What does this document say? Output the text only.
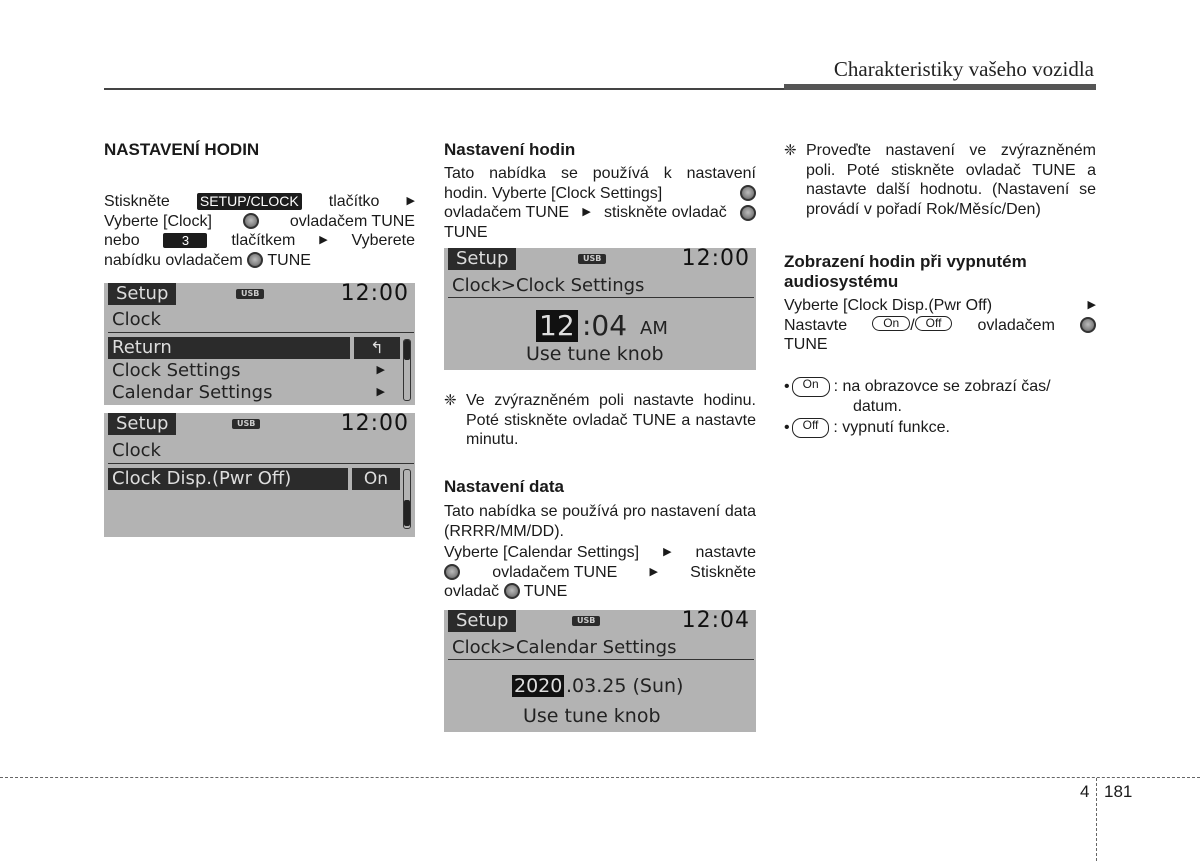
Charakteristiky vašeho vozidla
NASTAVENÍ HODIN
Stiskněte SETUP/CLOCK tlačítko ▶
Vyberte [Clock]	ovladačem TUNE
nebo	3	tlačítkem ▶ Vyberete
nabídku ovladačem TUNE
Setup	USB	12:00
Clock
Return	↰
Clock Settings	▶
Calendar Settings	▶
Setup	USB	12:00
Clock
Clock Disp.(Pwr Off)	On
Nastavení hodin
Tato nabídka se používá k nastavení
hodin. Vyberte [Clock Settings]
ovladačem TUNE ▶ stiskněte ovladač
TUNE
Setup	USB	12:00
Clock>Clock Settings
12 :04 AM
Use tune knob
❈ Ve zvýrazněném poli nastavte hodinu. Poté stiskněte ovladač TUNE a nastavte minutu.
Nastavení data
Tato nabídka se používá pro nastavení data (RRRR/MM/DD).
Vyberte [Calendar Settings] ▶ nastavte
ovladačem TUNE	▶ Stiskněte
ovladač TUNE
Setup	USB	12:04
Clock>Calendar Settings
2020 .03.25 (Sun)
Use tune knob
❈ Proveďte nastavení ve zvýrazněném poli. Poté stiskněte ovladač TUNE a nastavte další hodnotu. (Nastavení se provádí v pořadí Rok/Měsíc/Den)
Zobrazení hodin při vypnutém audiosystému
Vyberte [Clock Disp.(Pwr Off)	▶
Nastavte	On / Off	ovladačem
TUNE
•	On : na obrazovce se zobrazí čas/
datum.
•	Off : vypnutí funkce.
4 181
